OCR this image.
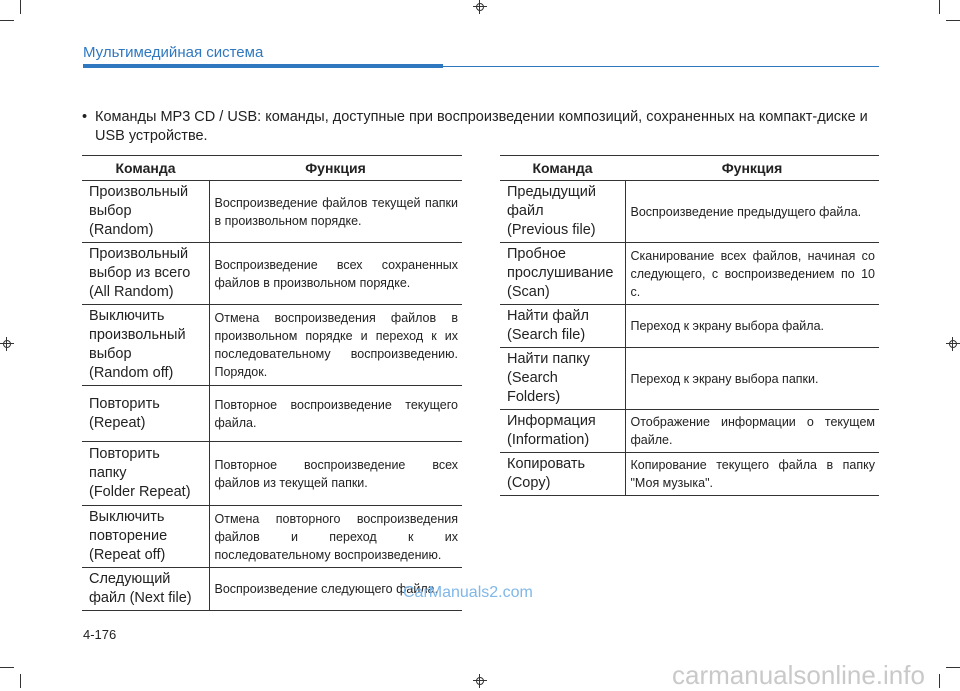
Мультимедийная система
• Команды MP3 CD / USB: команды, доступные при воспроизведении композиций, сохраненных на компакт-диске и USB устройстве.
Команда	Функция
Произвольный
выбор
(Random)	Воспроизведение файлов текущей папки в произвольном порядке.
Произвольный
выбор из всего
(All Random)	Воспроизведение всех сохраненных файлов в произвольном порядке.
Выключить
произвольный
выбор
(Random off)	Отмена воспроизведения файлов в произвольном порядке и переход к их последовательному воспроизведению. Порядок.
Повторить
(Repeat)	Повторное воспроизведение текущего файла.
Повторить
папку
(Folder Repeat)	Повторное воспроизведение всех файлов из текущей папки.
Выключить
повторение
(Repeat off)	Отмена повторного воспроизведения файлов и переход к их последовательному воспроизведению.
Следующий
файл (Next file)	Воспроизведение следующего файла.
Команда	Функция
Предыдущий
файл
(Previous file)	Воспроизведение предыдущего файла.
Пробное
прослушивание
(Scan)	Сканирование всех файлов, начиная со следующего, с воспроизведением по 10 с.
Найти файл
(Search file)	Переход к экрану выбора файла.
Найти папку
(Search
Folders)	Переход к экрану выбора папки.
Информация
(Information)	Отображение информации о текущем файле.
Копировать
(Copy)	Копирование текущего файла в папку "Моя музыка".
CarManuals2.com
4-176
carmanualsonline.info
